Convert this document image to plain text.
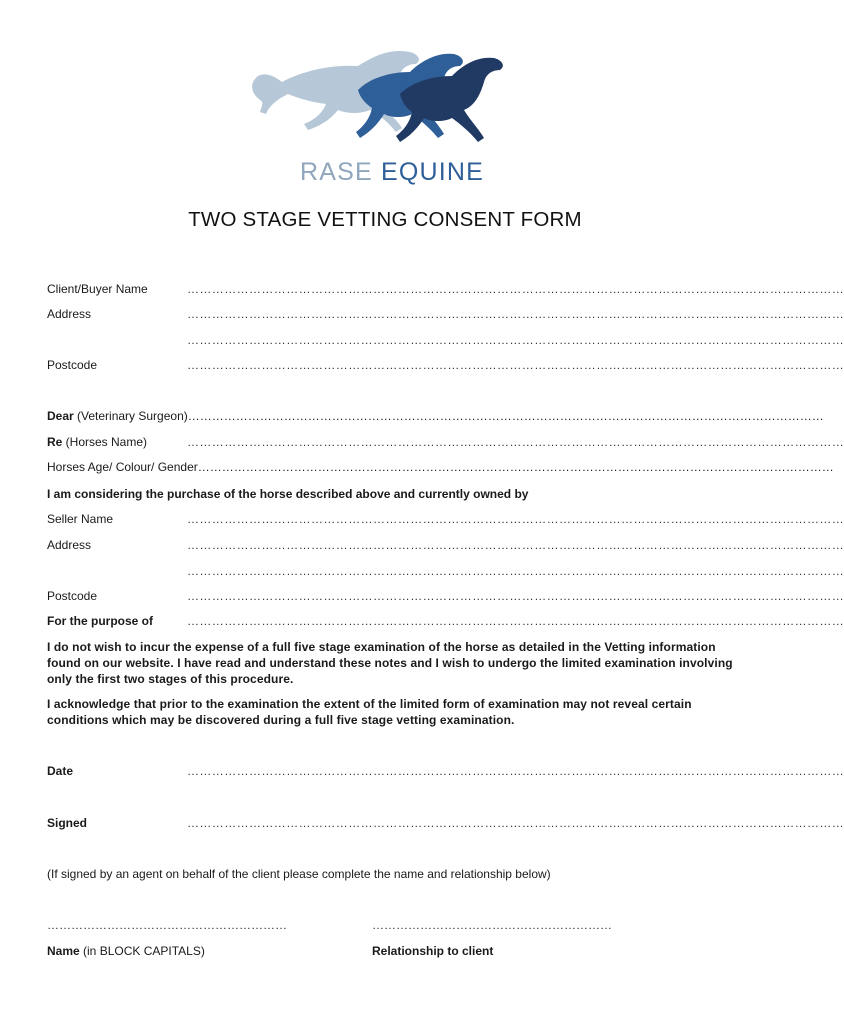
RASE EQUINE
TWO STAGE VETTING CONSENT FORM
Client/Buyer Name	……………………………………………………………………………………………………………………………………………
Address	……………………………………………………………………………………………………………………………………………
……………………………………………………………………………………………………………………………………………
Postcode	……………………………………………………………………………………………………………………………………………
Dear (Veterinary Surgeon)……………………………………………………………………………………………………………………………………………
Re (Horses Name)	……………………………………………………………………………………………………………………………………………
Horses Age/ Colour/ Gender……………………………………………………………………………………………………………………………………………
I am considering the purchase of the horse described above and currently owned by
Seller Name	……………………………………………………………………………………………………………………………………………
Address	……………………………………………………………………………………………………………………………………………
……………………………………………………………………………………………………………………………………………
Postcode	……………………………………………………………………………………………………………………………………………
For the purpose of	……………………………………………………………………………………………………………………………………………
I do not wish to incur the expense of a full five stage examination of the horse as detailed in the Vetting information found on our website. I have read and understand these notes and I wish to undergo the limited examination involving only the first two stages of this procedure.
I acknowledge that prior to the examination the extent of the limited form of examination may not reveal certain conditions which may be discovered during a full five stage vetting examination.
Date	……………………………………………………………………………………………………………………………………………
Signed	……………………………………………………………………………………………………………………………………………
(If signed by an agent on behalf of the client please complete the name and relationship below)
……………………………………………………	……………………………………………………
Name (in BLOCK CAPITALS)	Relationship to client
